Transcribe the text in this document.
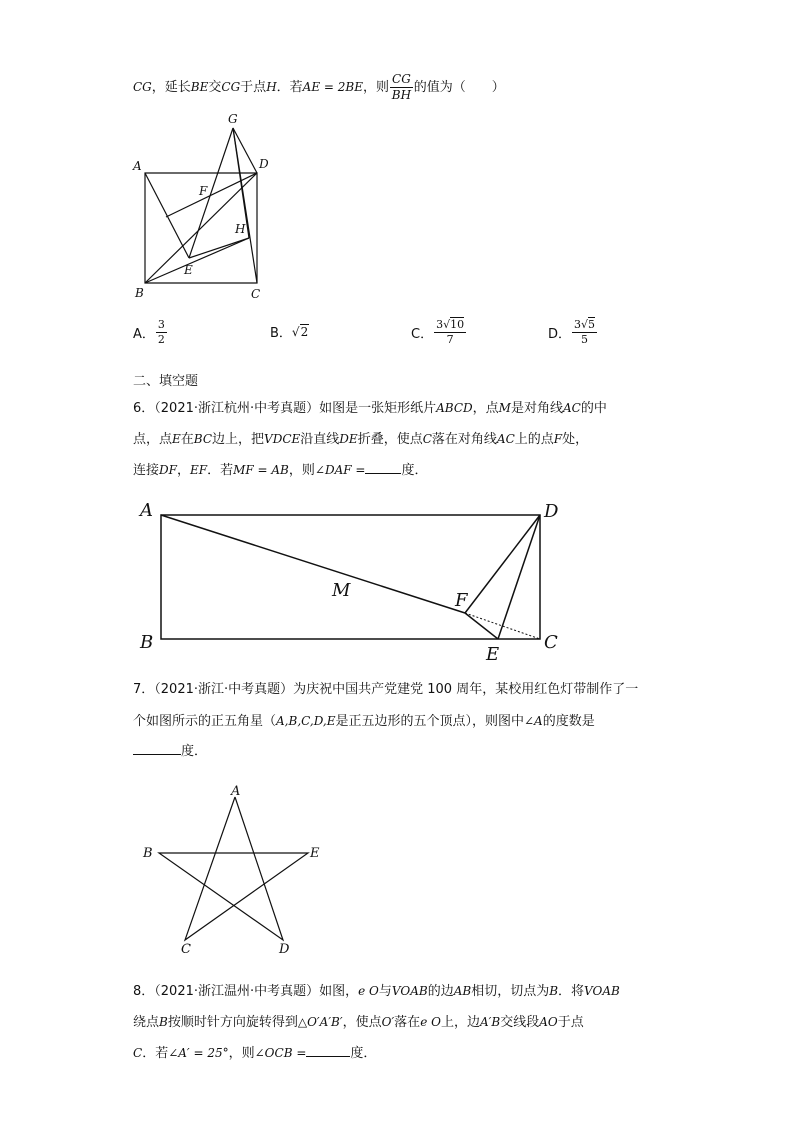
CG，延长BE交CG于点H．若AE = 2BE，则 $\frac{CG}{BH}$ 的值为（　　）
A	D
G
F
H
E
B	C
A． $\frac{3}{2}$	B． √2	C． $\frac{3√10}{7}$	D． $\frac{3√5}{5}$
二、填空题
6．（2021·浙江杭州·中考真题）如图是一张矩形纸片ABCD，点M是对角线AC的中
点，点E在BC边上，把VDCE沿直线DE折叠，使点C落在对角线AC上的点F处，
连接DF，EF．若MF = AB，则∠DAF =	度．
A	D
M	F
B	C
E
7．（2021·浙江·中考真题）为庆祝中国共产党建党 100 周年，某校用红色灯带制作了一
个如图所示的正五角星（A,B,C,D,E是正五边形的五个顶点），则图中∠A的度数是
度．
A
B	E
C	D
8．（2021·浙江温州·中考真题）如图，e O与VOAB的边AB相切，切点为B．将VOAB
绕点B按顺时针方向旋转得到△O′A′B′，使点O′落在e O上，边A′B交线段AO于点
C．若∠A′ = 25°，则∠OCB =	度．
